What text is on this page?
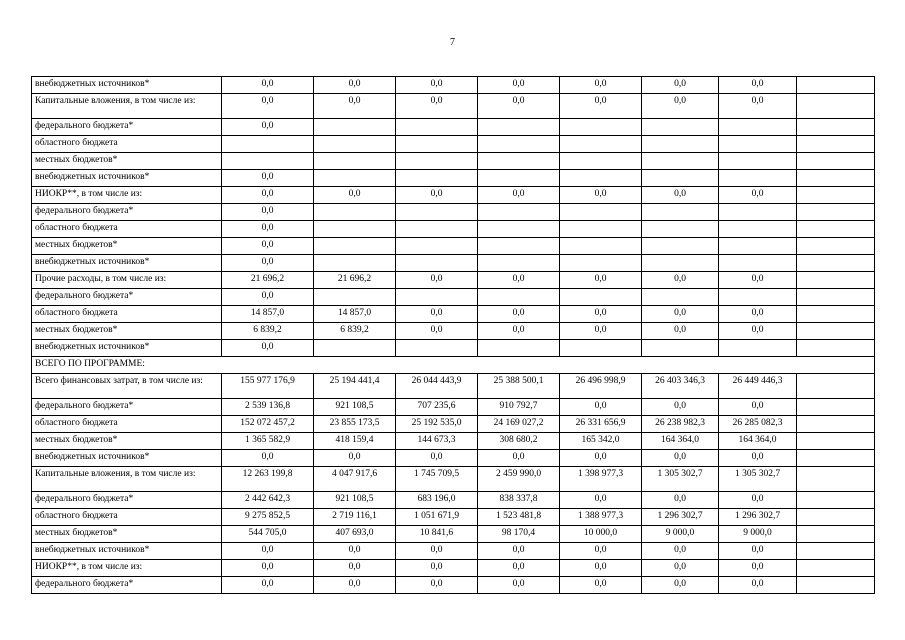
7
внебюджетных источников*	0,0	0,0	0,0	0,0	0,0	0,0	0,0	
Капитальные вложения, в том числе из:	0,0	0,0	0,0	0,0	0,0	0,0	0,0	
федерального бюджета*	0,0							
областного бюджета								
местных бюджетов*								
внебюджетных источников*	0,0							
НИОКР**, в том числе из:	0,0	0,0	0,0	0,0	0,0	0,0	0,0	
федерального бюджета*	0,0							
областного бюджета	0,0							
местных бюджетов*	0,0							
внебюджетных источников*	0,0							
Прочие расходы, в том числе из:	21 696,2	21 696,2	0,0	0,0	0,0	0,0	0,0	
федерального бюджета*	0,0							
областного бюджета	14 857,0	14 857,0	0,0	0,0	0,0	0,0	0,0	
местных бюджетов*	6 839,2	6 839,2	0,0	0,0	0,0	0,0	0,0	
внебюджетных источников*	0,0							
ВСЕГО ПО ПРОГРАММЕ:								
Всего финансовых затрат, в том числе из:	155 977 176,9	25 194 441,4	26 044 443,9	25 388 500,1	26 496 998,9	26 403 346,3	26 449 446,3	
федерального бюджета*	2 539 136,8	921 108,5	707 235,6	910 792,7	0,0	0,0	0,0	
областного бюджета	152 072 457,2	23 855 173,5	25 192 535,0	24 169 027,2	26 331 656,9	26 238 982,3	26 285 082,3	
местных бюджетов*	1 365 582,9	418 159,4	144 673,3	308 680,2	165 342,0	164 364,0	164 364,0	
внебюджетных источников*	0,0	0,0	0,0	0,0	0,0	0,0	0,0	
Капитальные вложения, в том числе из:	12 263 199,8	4 047 917,6	1 745 709,5	2 459 990,0	1 398 977,3	1 305 302,7	1 305 302,7	
федерального бюджета*	2 442 642,3	921 108,5	683 196,0	838 337,8	0,0	0,0	0,0	
областного бюджета	9 275 852,5	2 719 116,1	1 051 671,9	1 523 481,8	1 388 977,3	1 296 302,7	1 296 302,7	
местных бюджетов*	544 705,0	407 693,0	10 841,6	98 170,4	10 000,0	9 000,0	9 000,0	
внебюджетных источников*	0,0	0,0	0,0	0,0	0,0	0,0	0,0	
НИОКР**, в том числе из:	0,0	0,0	0,0	0,0	0,0	0,0	0,0	
федерального бюджета*	0,0	0,0	0,0	0,0	0,0	0,0	0,0	
